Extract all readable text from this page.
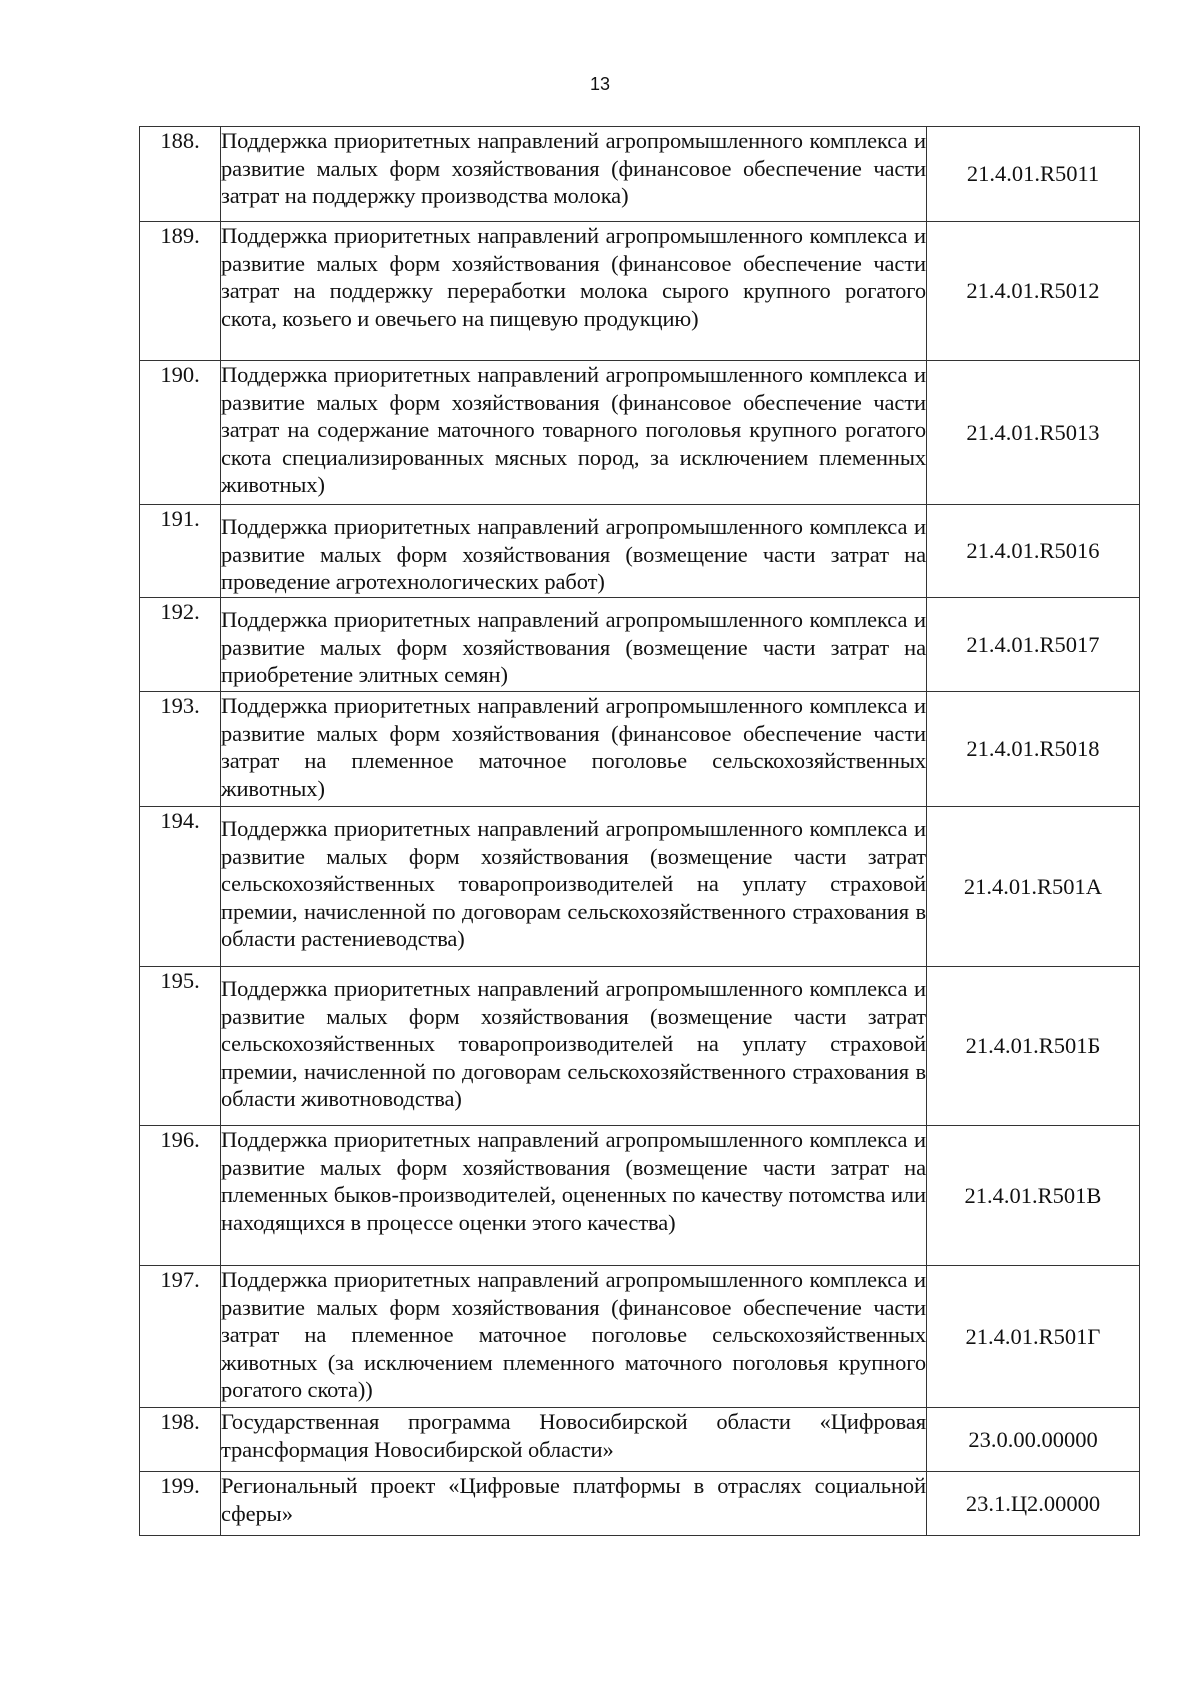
13
188.	Поддержка приоритетных направлений агропромышленного комплекса и развитие малых форм хозяйствования (финансовое обеспечение части затрат на поддержку производства молока)	21.4.01.R5011
189.	Поддержка приоритетных направлений агропромышленного комплекса и развитие малых форм хозяйствования (финансовое обеспечение части затрат на поддержку переработки молока сырого крупного рогатого скота, козьего и овечьего на пищевую продукцию)	21.4.01.R5012
190.	Поддержка приоритетных направлений агропромышленного комплекса и развитие малых форм хозяйствования (финансовое обеспечение части затрат на содержание маточного товарного поголовья крупного рогатого скота специализированных мясных пород, за исключением племенных животных)	21.4.01.R5013
191.	Поддержка приоритетных направлений агропромышленного комплекса и развитие малых форм хозяйствования (возмещение части затрат на проведение агротехнологических работ)	21.4.01.R5016
192.	Поддержка приоритетных направлений агропромышленного комплекса и развитие малых форм хозяйствования (возмещение части затрат на приобретение элитных семян)	21.4.01.R5017
193.	Поддержка приоритетных направлений агропромышленного комплекса и развитие малых форм хозяйствования (финансовое обеспечение части затрат на племенное маточное поголовье сельскохозяйственных животных)	21.4.01.R5018
194.	Поддержка приоритетных направлений агропромышленного комплекса и развитие малых форм хозяйствования (возмещение части затрат сельскохозяйственных товаропроизводителей на уплату страховой премии, начисленной по договорам сельскохозяйственного страхования в области растениеводства)	21.4.01.R501A
195.	Поддержка приоритетных направлений агропромышленного комплекса и развитие малых форм хозяйствования (возмещение части затрат сельскохозяйственных товаропроизводителей на уплату страховой премии, начисленной по договорам сельскохозяйственного страхования в области животноводства)	21.4.01.R501Б
196.	Поддержка приоритетных направлений агропромышленного комплекса и развитие малых форм хозяйствования (возмещение части затрат на племенных быков-производителей, оцененных по качеству потомства или находящихся в процессе оценки этого качества)	21.4.01.R501В
197.	Поддержка приоритетных направлений агропромышленного комплекса и развитие малых форм хозяйствования (финансовое обеспечение части затрат на племенное маточное поголовье сельскохозяйственных животных (за исключением племенного маточного поголовья крупного рогатого скота))	21.4.01.R501Г
198.	Государственная программа Новосибирской области «Цифровая трансформация Новосибирской области»	23.0.00.00000
199.	Региональный проект «Цифровые платформы в отраслях социальной сферы»	23.1.Ц2.00000
